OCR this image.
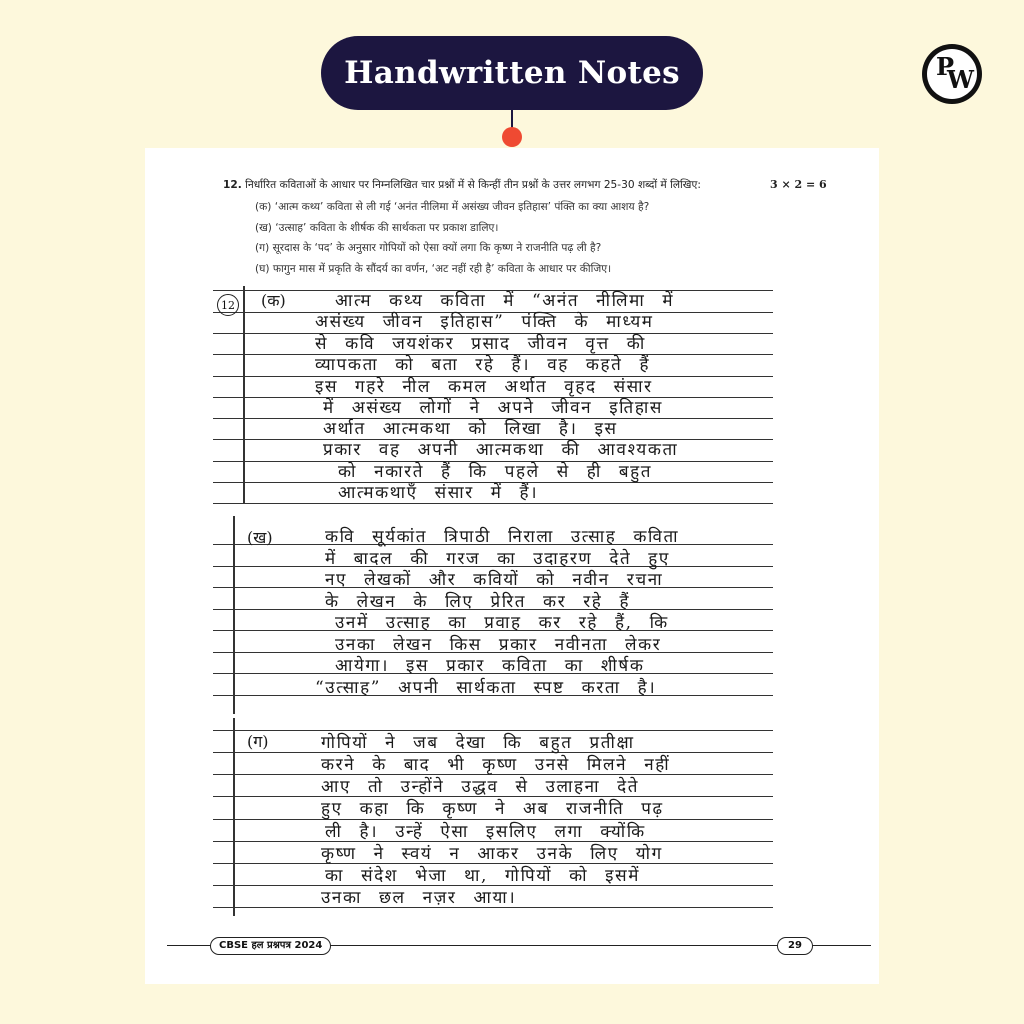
Handwritten Notes	P
W
12. निर्धारित कविताओं के आधार पर निम्नलिखित चार प्रश्नों में से किन्हीं तीन प्रश्नों के उत्तर लगभग 25-30 शब्दों में लिखिए:	3 × 2 = 6
(क) ‘आत्म कथ्य’ कविता से ली गई ‘अनंत नीलिमा में असंख्य जीवन इतिहास’ पंक्ति का क्या आशय है?
(ख) ‘उत्साह’ कविता के शीर्षक की सार्थकता पर प्रकाश डालिए।
(ग) सूरदास के ‘पद’ के अनुसार गोपियों को ऐसा क्यों लगा कि कृष्ण ने राजनीति पढ़ ली है?
(घ) फागुन मास में प्रकृति के सौंदर्य का वर्णन, ‘अट नहीं रही है’ कविता के आधार पर कीजिए।
12 (क)	आत्म कथ्य कविता में “अनंत नीलिमा में
असंख्य जीवन इतिहास” पंक्ति के माध्यम
से कवि जयशंकर प्रसाद जीवन वृत्त की
व्यापकता को बता रहे हैं। वह कहते हैं
इस गहरे नील कमल अर्थात वृहद संसार
में असंख्य लोगों ने अपने जीवन इतिहास
अर्थात आत्मकथा को लिखा है। इस
प्रकार वह अपनी आत्मकथा की आवश्यकता
को नकारते हैं कि पहले से ही बहुत
आत्मकथाएँ संसार में हैं।
(ख)	कवि सूर्यकांत त्रिपाठी निराला उत्साह कविता
में बादल की गरज का उदाहरण देते हुए
नए लेखकों और कवियों को नवीन रचना
के लेखन के लिए प्रेरित कर रहे हैं
उनमें उत्साह का प्रवाह कर रहे हैं, कि
उनका लेखन किस प्रकार नवीनता लेकर
आयेगा। इस प्रकार कविता का शीर्षक
“उत्साह” अपनी सार्थकता स्पष्ट करता है।
(ग)	गोपियों ने जब देखा कि बहुत प्रतीक्षा
करने के बाद भी कृष्ण उनसे मिलने नहीं
आए तो उन्होंने उद्धव से उलाहना देते
हुए कहा कि कृष्ण ने अब राजनीति पढ़
ली है। उन्हें ऐसा इसलिए लगा क्योंकि
कृष्ण ने स्वयं न आकर उनके लिए योग
का संदेश भेजा था, गोपियों को इसमें
उनका छल नज़र आया।
CBSE हल प्रश्नपत्र 2024	29
